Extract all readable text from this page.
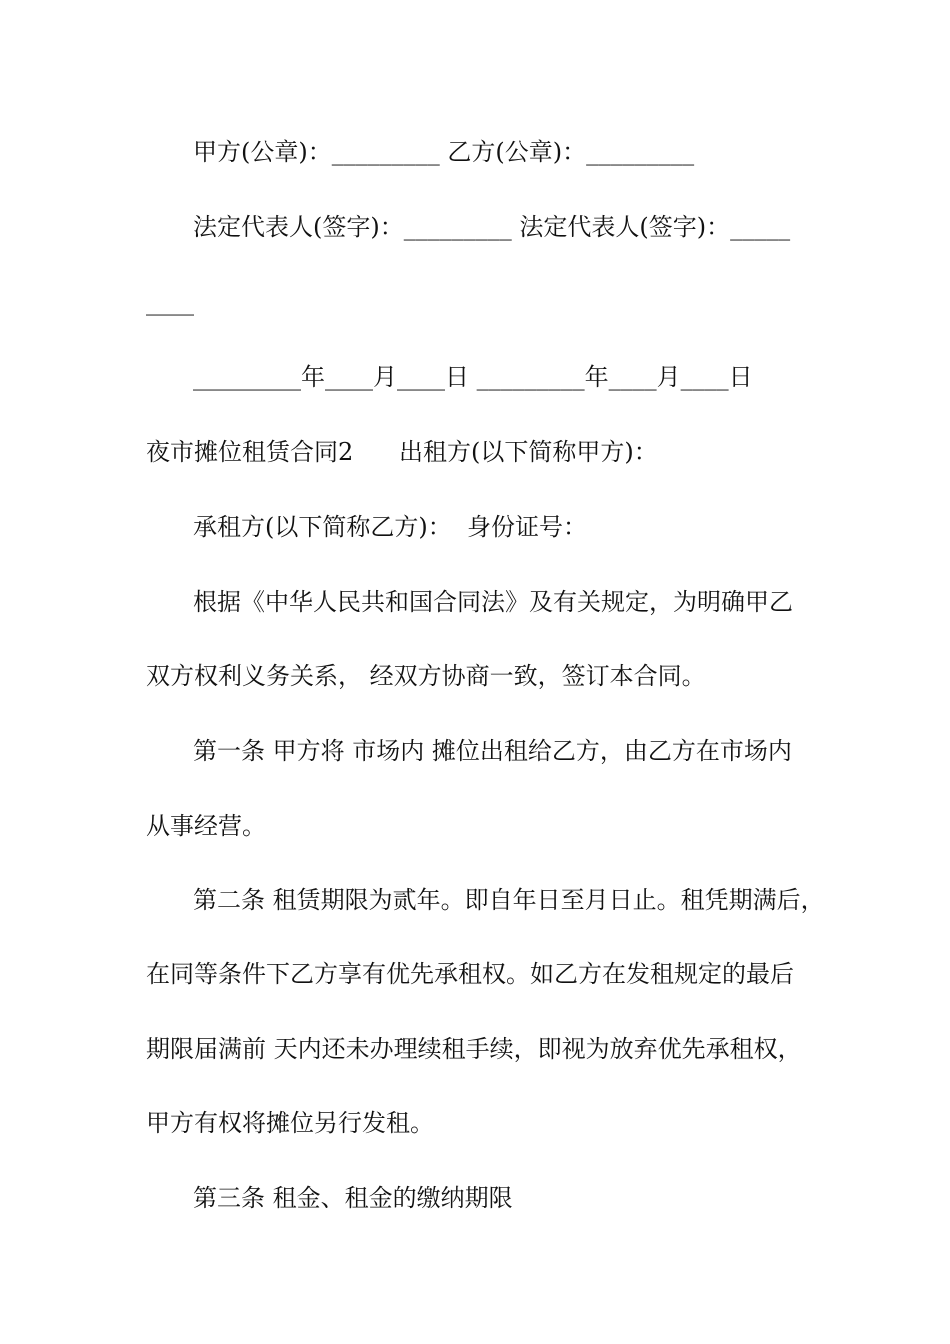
甲方(公章)：_________ 乙方(公章)：_________

法定代表人(签字)：_________ 法定代表人(签字)：_____

____

_________年____月____日 _________年____月____日

夜市摊位租赁合同2      出租方(以下简称甲方)：

承租方(以下简称乙方)：  身份证号：

根据《中华人民共和国合同法》及有关规定，为明确甲乙

双方权利义务关系， 经双方协商一致，签订本合同。

第一条 甲方将 市场内 摊位出租给乙方，由乙方在市场内

从事经营。

第二条 租赁期限为贰年。即自年日至月日止。租凭期满后，

在同等条件下乙方享有优先承租权。如乙方在发租规定的最后

期限届满前 天内还未办理续租手续，即视为放弃优先承租权，

甲方有权将摊位另行发租。

第三条 租金、租金的缴纳期限
